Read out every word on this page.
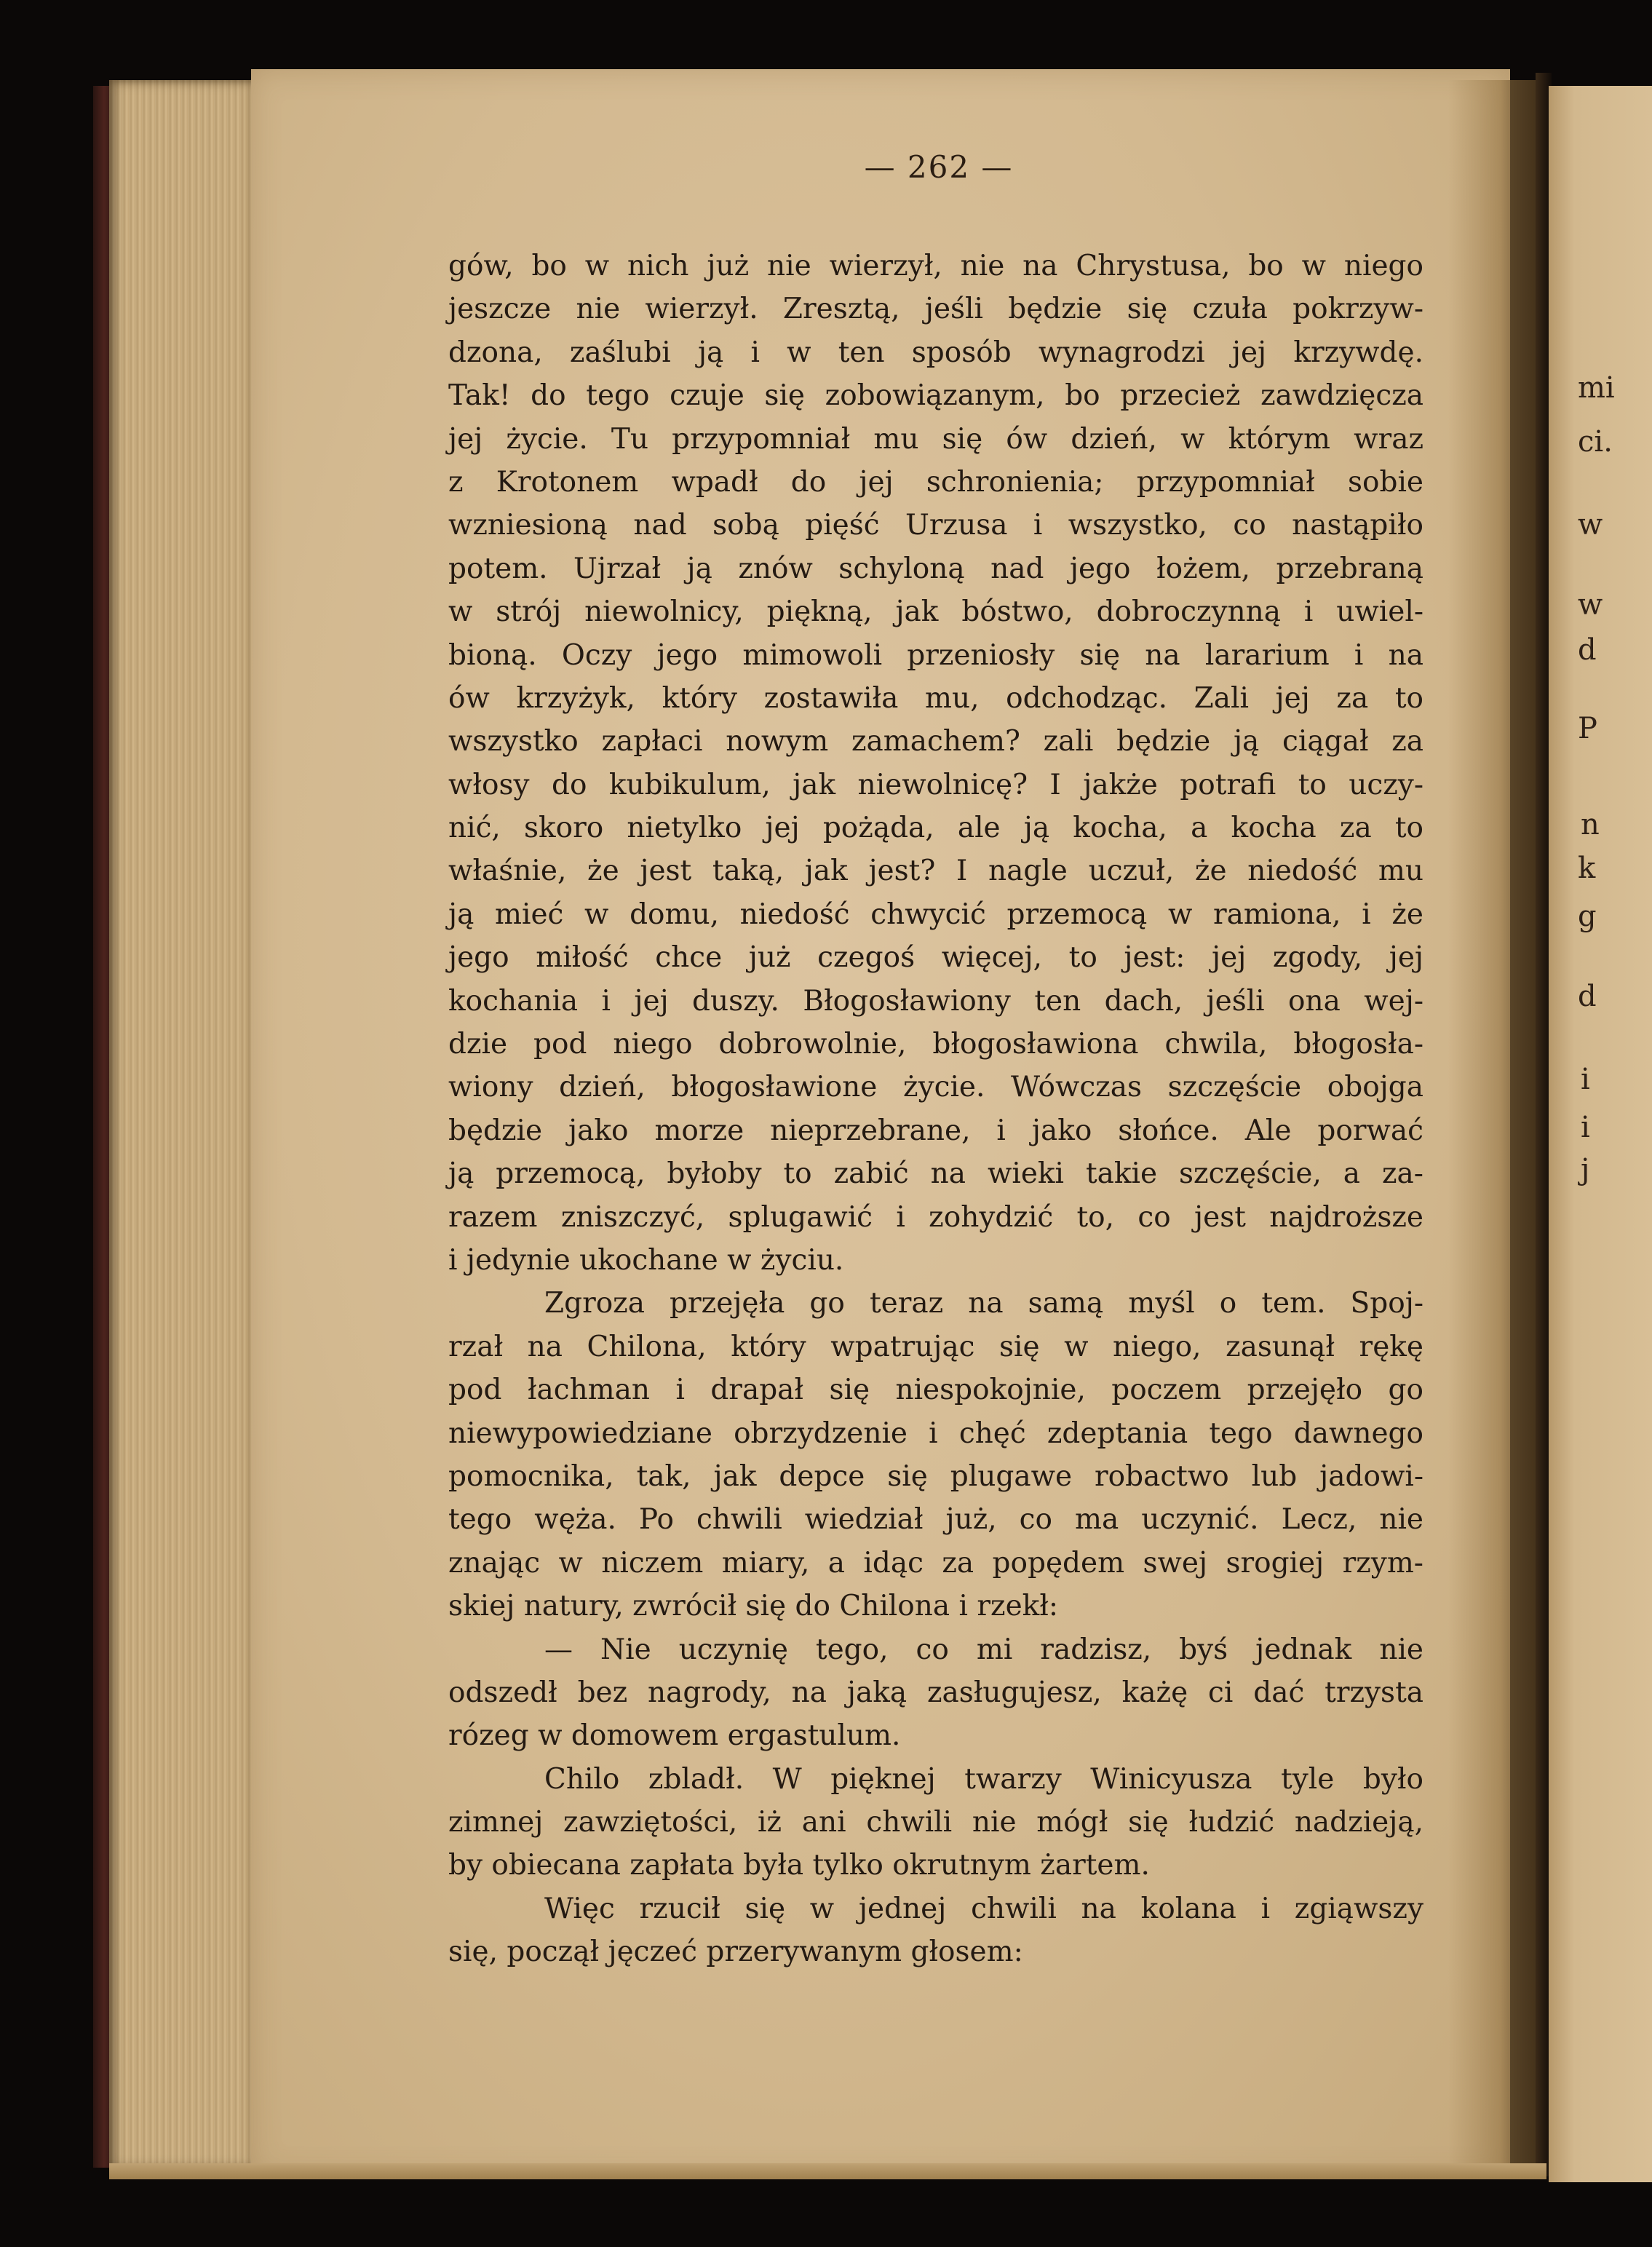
mi
ci.
w
w
d
P
n
k
g
d
i
i
j
— 262 —
gów, bo w nich już nie wierzył, nie na Chrystusa, bo w niego
jeszcze nie wierzył. Zresztą, jeśli będzie się czuła pokrzyw-
dzona, zaślubi ją i w ten sposób wynagrodzi jej krzywdę.
Tak! do tego czuje się zobowiązanym, bo przecież zawdzięcza
jej życie. Tu przypomniał mu się ów dzień, w którym wraz
z Krotonem wpadł do jej schronienia; przypomniał sobie
wzniesioną nad sobą pięść Urzusa i wszystko, co nastąpiło
potem. Ujrzał ją znów schyloną nad jego łożem, przebraną
w strój niewolnicy, piękną, jak bóstwo, dobroczynną i uwiel-
bioną. Oczy jego mimowoli przeniosły się na lararium i na
ów krzyżyk, który zostawiła mu, odchodząc. Zali jej za to
wszystko zapłaci nowym zamachem? zali będzie ją ciągał za
włosy do kubikulum, jak niewolnicę? I jakże potrafi to uczy-
nić, skoro nietylko jej pożąda, ale ją kocha, a kocha za to
właśnie, że jest taką, jak jest? I nagle uczuł, że niedość mu
ją mieć w domu, niedość chwycić przemocą w ramiona, i że
jego miłość chce już czegoś więcej, to jest: jej zgody, jej
kochania i jej duszy. Błogosławiony ten dach, jeśli ona wej-
dzie pod niego dobrowolnie, błogosławiona chwila, błogosła-
wiony dzień, błogosławione życie. Wówczas szczęście obojga
będzie jako morze nieprzebrane, i jako słońce. Ale porwać
ją przemocą, byłoby to zabić na wieki takie szczęście, a za-
razem zniszczyć, splugawić i zohydzić to, co jest najdroższe
i jedynie ukochane w życiu.
Zgroza przejęła go teraz na samą myśl o tem. Spoj-
rzał na Chilona, który wpatrując się w niego, zasunął rękę
pod łachman i drapał się niespokojnie, poczem przejęło go
niewypowiedziane obrzydzenie i chęć zdeptania tego dawnego
pomocnika, tak, jak depce się plugawe robactwo lub jadowi-
tego węża. Po chwili wiedział już, co ma uczynić. Lecz, nie
znając w niczem miary, a idąc za popędem swej srogiej rzym-
skiej natury, zwrócił się do Chilona i rzekł:
— Nie uczynię tego, co mi radzisz, byś jednak nie
odszedł bez nagrody, na jaką zasługujesz, każę ci dać trzysta
rózeg w domowem ergastulum.
Chilo zbladł. W pięknej twarzy Winicyusza tyle było
zimnej zawziętości, iż ani chwili nie mógł się łudzić nadzieją,
by obiecana zapłata była tylko okrutnym żartem.
Więc rzucił się w jednej chwili na kolana i zgiąwszy
się, począł jęczeć przerywanym głosem:
